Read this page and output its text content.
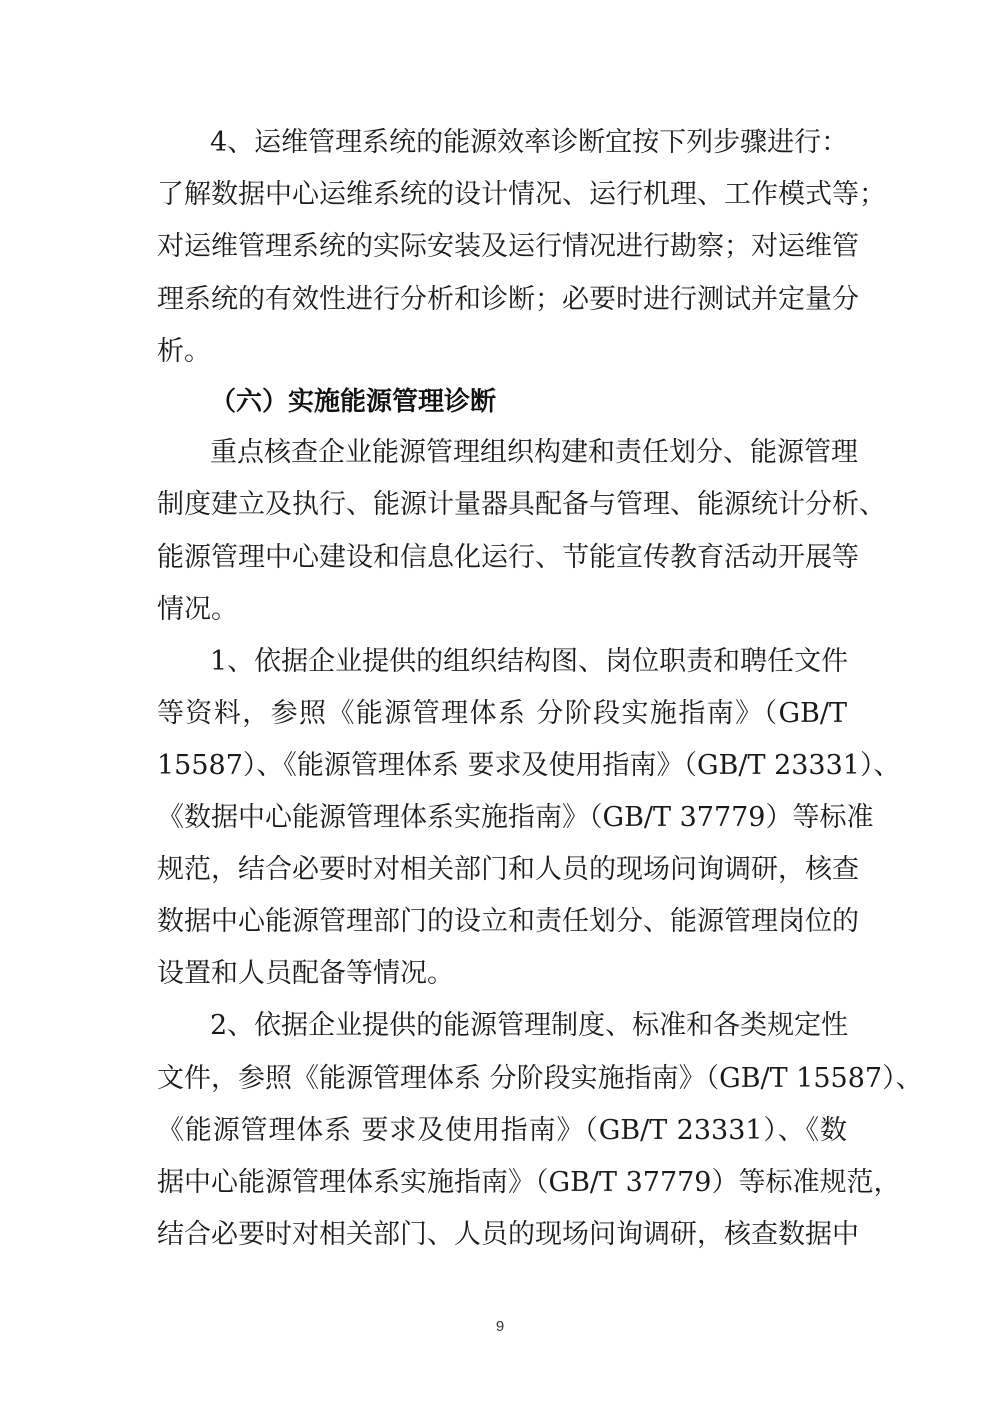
4、运维管理系统的能源效率诊断宜按下列步骤进行：
了解数据中心运维系统的设计情况、运行机理、工作模式等；
对运维管理系统的实际安装及运行情况进行勘察；对运维管
理系统的有效性进行分析和诊断；必要时进行测试并定量分
析。
（六）实施能源管理诊断
重点核查企业能源管理组织构建和责任划分、能源管理
制度建立及执行、能源计量器具配备与管理、能源统计分析、
能源管理中心建设和信息化运行、节能宣传教育活动开展等
情况。
1、依据企业提供的组织结构图、岗位职责和聘任文件
等资料，参照《能源管理体系 分阶段实施指南》（GB/T
15587）、《能源管理体系 要求及使用指南》（GB/T 23331）、
《数据中心能源管理体系实施指南》（GB/T 37779）等标准
规范，结合必要时对相关部门和人员的现场问询调研，核查
数据中心能源管理部门的设立和责任划分、能源管理岗位的
设置和人员配备等情况。
2、依据企业提供的能源管理制度、标准和各类规定性
文件，参照《能源管理体系 分阶段实施指南》（GB/T 15587）、
《能源管理体系 要求及使用指南》（GB/T 23331）、《数
据中心能源管理体系实施指南》（GB/T 37779）等标准规范，
结合必要时对相关部门、人员的现场问询调研，核查数据中
9
